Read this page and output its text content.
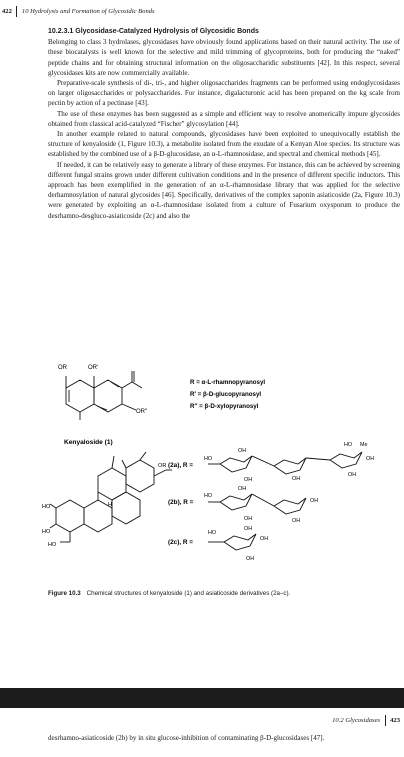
422 10 Hydrolysis and Formation of Glycosidic Bonds
10.2.3.1 Glycosidase-Catalyzed Hydrolysis of Glycosidic Bonds

Belonging to class 3 hydrolases, glycosidases have obviously found applications based on their natural activity. The use of these biocatalysts is well known for the selective and mild trimming of glycoproteins, both for producing the “naked” peptide chains and for obtaining structural information on the oligosaccharidic substituents [42]. In this respect, several glycosidases kits are now commercially available.

Preparative-scale synthesis of di-, tri-, and higher oligosaccharides fragments can be performed using endoglycosidases on larger oligosaccharides or polysaccharides. For instance, digalacturonic acid has been prepared on the kg scale from pectin by action of a pectinase [43].

The use of these enzymes has been suggested as a simple and efficient way to resolve anomerically impure glycosides obtained from classical acid-catalyzed “Fischer” glycosylation [44].

In another example related to natural compounds, glycosidases have been exploited to unequivocally establish the structure of kenyaloside (1, Figure 10.3), a metabolite isolated from the exudate of a Kenyan Aloe species. Its structure was established by the combined use of a β-D-glucosidase, an α-L-rhamnosidase, and spectral and chemical methods [45].

If needed, it can be relatively easy to generate a library of these enzymes. For instance, this can be achieved by screening different fungal strains grown under different cultivation conditions and in the presence of different specific inductors. This approach has been exemplified in the generation of an α-L-rhamnosidase library that was applied for the selective derhamnosylation of natural glycosides [46]. Specifically, derivatives of the complex saponin asiaticoside (2a, Figure 10.3) were generated by exploiting an α-L-rhamnosidase isolated from a culture of Fusarium oxysporum to produce the desrhamno-desgluco-asiaticoside (2c) and also the

OR	OR′
OR″
Kenyaloside (1)
R = α-L-rhamnopyranosyl
R′ = β-D-glucopyranosyl
R″ = β-D-xylopyranosyl
OR
H
HO
HO
HO
(2a), R =
(2b), R =
(2c), R =
HO
OH
OH	OH
HO Me
OH
OH
HO
OH
OH
OH
OH
HO
OH
OH
OH
Figure 10.3 Chemical structures of kenyaloside (1) and asiaticoside derivatives (2a–c).
10.2 Glycosidases 423
desrhamno-asiaticoside (2b) by in situ glucose-inhibition of contaminating β-D-glucosidases [47].
